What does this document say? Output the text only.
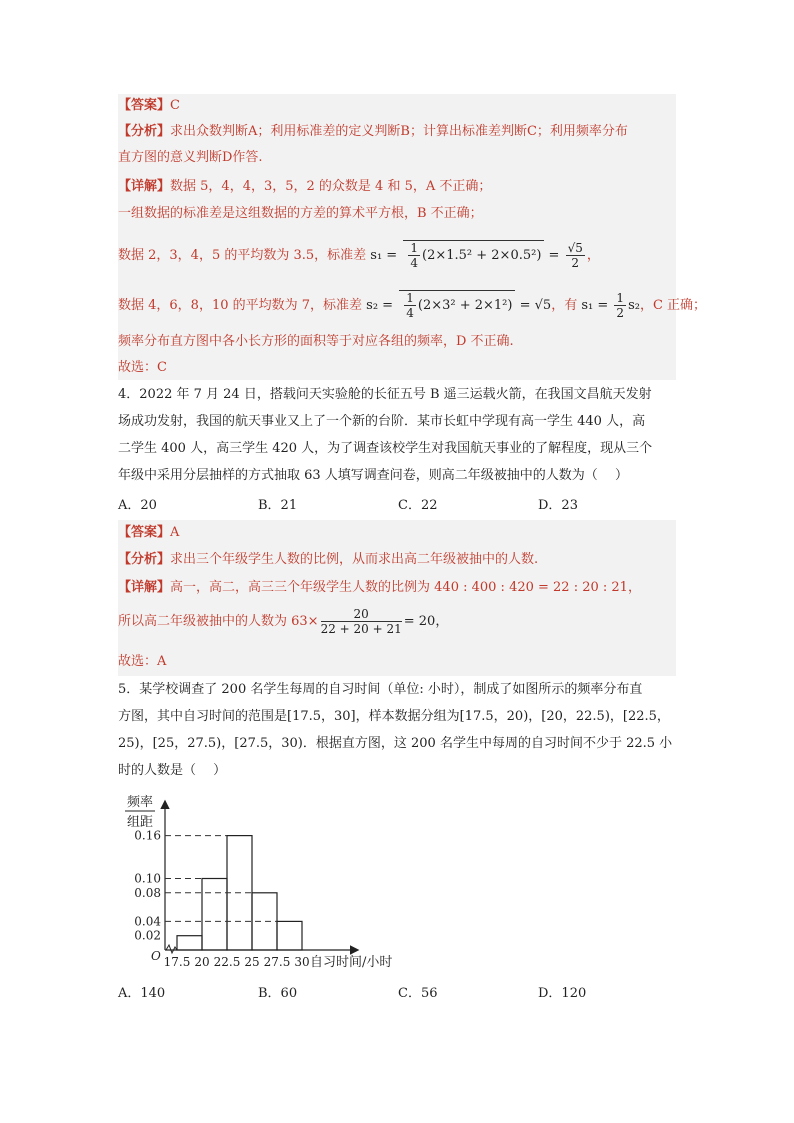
【答案】C
【分析】求出众数判断A；利用标准差的定义判断B；计算出标准差判断C；利用频率分布
直方图的意义判断D作答.
【详解】数据 5，4，4，3，5，2 的众数是 4 和 5，A 不正确；
一组数据的标准差是这组数据的方差的算术平方根，B 不正确；
数据 2，3，4，5 的平均数为 3.5，标准差 $s_1 = \frac{1}{4} (2\times 1.5^2 + 2\times 0.5^2) = \frac{√5}{2}$ ，
数据 4，6，8，10 的平均数为 7，标准差 $s_2 = \frac{1}{4} (2\times 3^2 + 2\times 1^2) = √5$，有 $s_1 = \frac{1}{2} s_2$，C 正确；
频率分布直方图中各小长方形的面积等于对应各组的频率，D 不正确.
故选：C
4．2022 年 7 月 24 日，搭载问天实验舱的长征五号 B 遥三运载火箭，在我国文昌航天发射
场成功发射，我国的航天事业又上了一个新的台阶．某市长虹中学现有高一学生 440 人，高
二学生 400 人，高三学生 420 人，为了调查该校学生对我国航天事业的了解程度，现从三个
年级中采用分层抽样的方式抽取 63 人填写调查问卷，则高二年级被抽中的人数为（　 ）
A．20	B．21	C．22	D．23
【答案】A
【分析】求出三个年级学生人数的比例，从而求出高二年级被抽中的人数.
【详解】高一，高二，高三三个年级学生人数的比例为 440 : 400 : 420 = 22 : 20 : 21，
所以高二年级被抽中的人数为 $63\times \frac{20}{22 + 20 + 21} = 20$，
故选：A
5．某学校调查了 200 名学生每周的自习时间（单位: 小时），制成了如图所示的频率分布直
方图，其中自习时间的范围是[17.5，30]，样本数据分组为[17.5，20)，[20，22.5)，[22.5，
25)，[25，27.5)，[27.5，30)．根据直方图，这 200 名学生中每周的自习时间不少于 22.5 小
时的人数是（　 ）
0.02
0.04
0.08
0.10
0.16
17.5 20 22.5 25 27.5 30 自习时间/小时
O
频率
组距
A．140	B．60	C．56	D．120
